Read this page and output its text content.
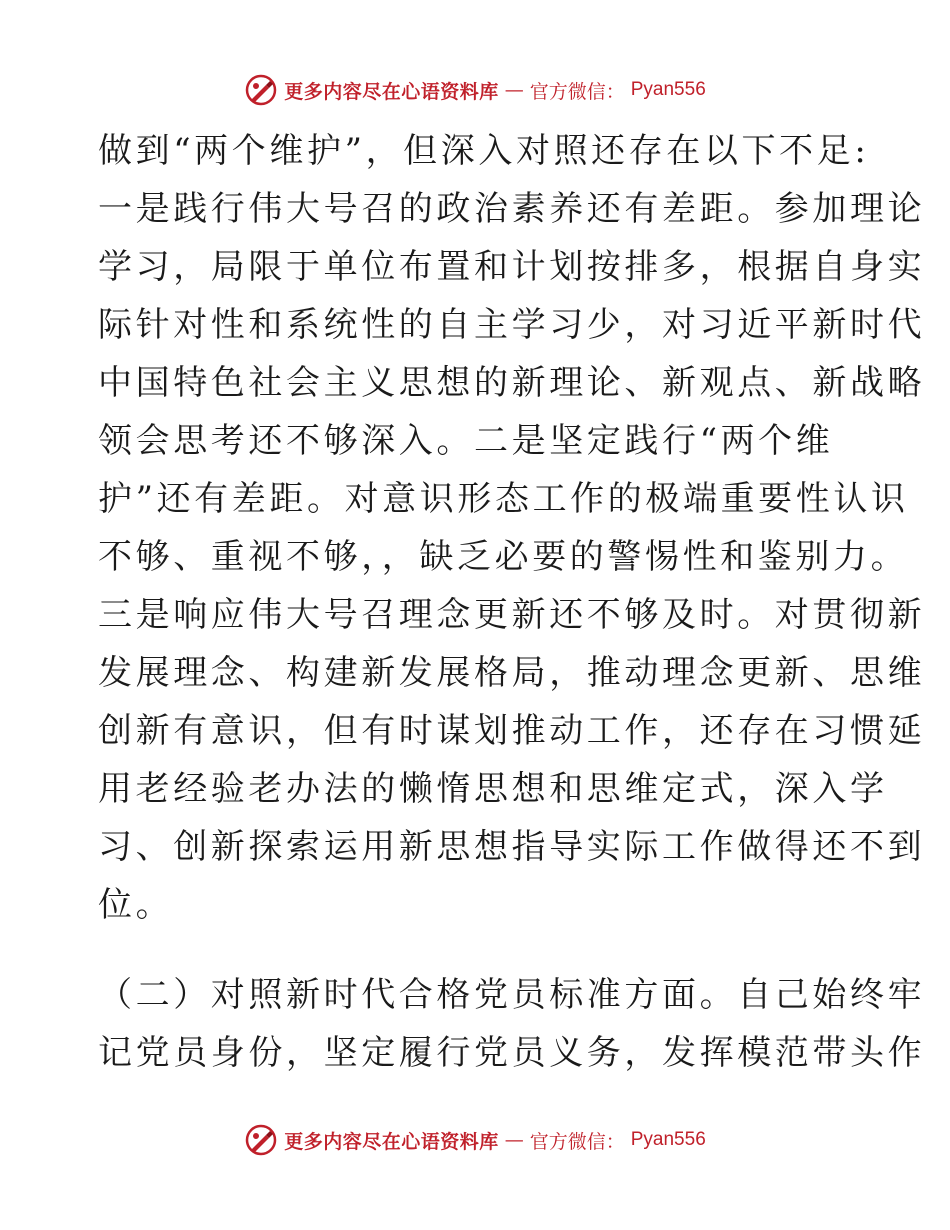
更多内容尽在心语资料库 — 官方微信： Pyan556
做到“两个维护”，但深入对照还存在以下不足:
一是践行伟大号召的政治素养还有差距。参加理论
学习，局限于单位布置和计划按排多，根据自身实
际针对性和系统性的自主学习少，对习近平新时代
中国特色社会主义思想的新理论、新观点、新战略
领会思考还不够深入。二是坚定践行“两个维
护”还有差距。对意识形态工作的极端重要性认识
不够、重视不够，，缺乏必要的警惕性和鉴别力。
三是响应伟大号召理念更新还不够及时。对贯彻新
发展理念、构建新发展格局，推动理念更新、思维
创新有意识，但有时谋划推动工作，还存在习惯延
用老经验老办法的懒惰思想和思维定式，深入学
习、创新探索运用新思想指导实际工作做得还不到
位。
（二）对照新时代合格党员标准方面。自己始终牢
记党员身份，坚定履行党员义务，发挥模范带头作
更多内容尽在心语资料库 — 官方微信： Pyan556
